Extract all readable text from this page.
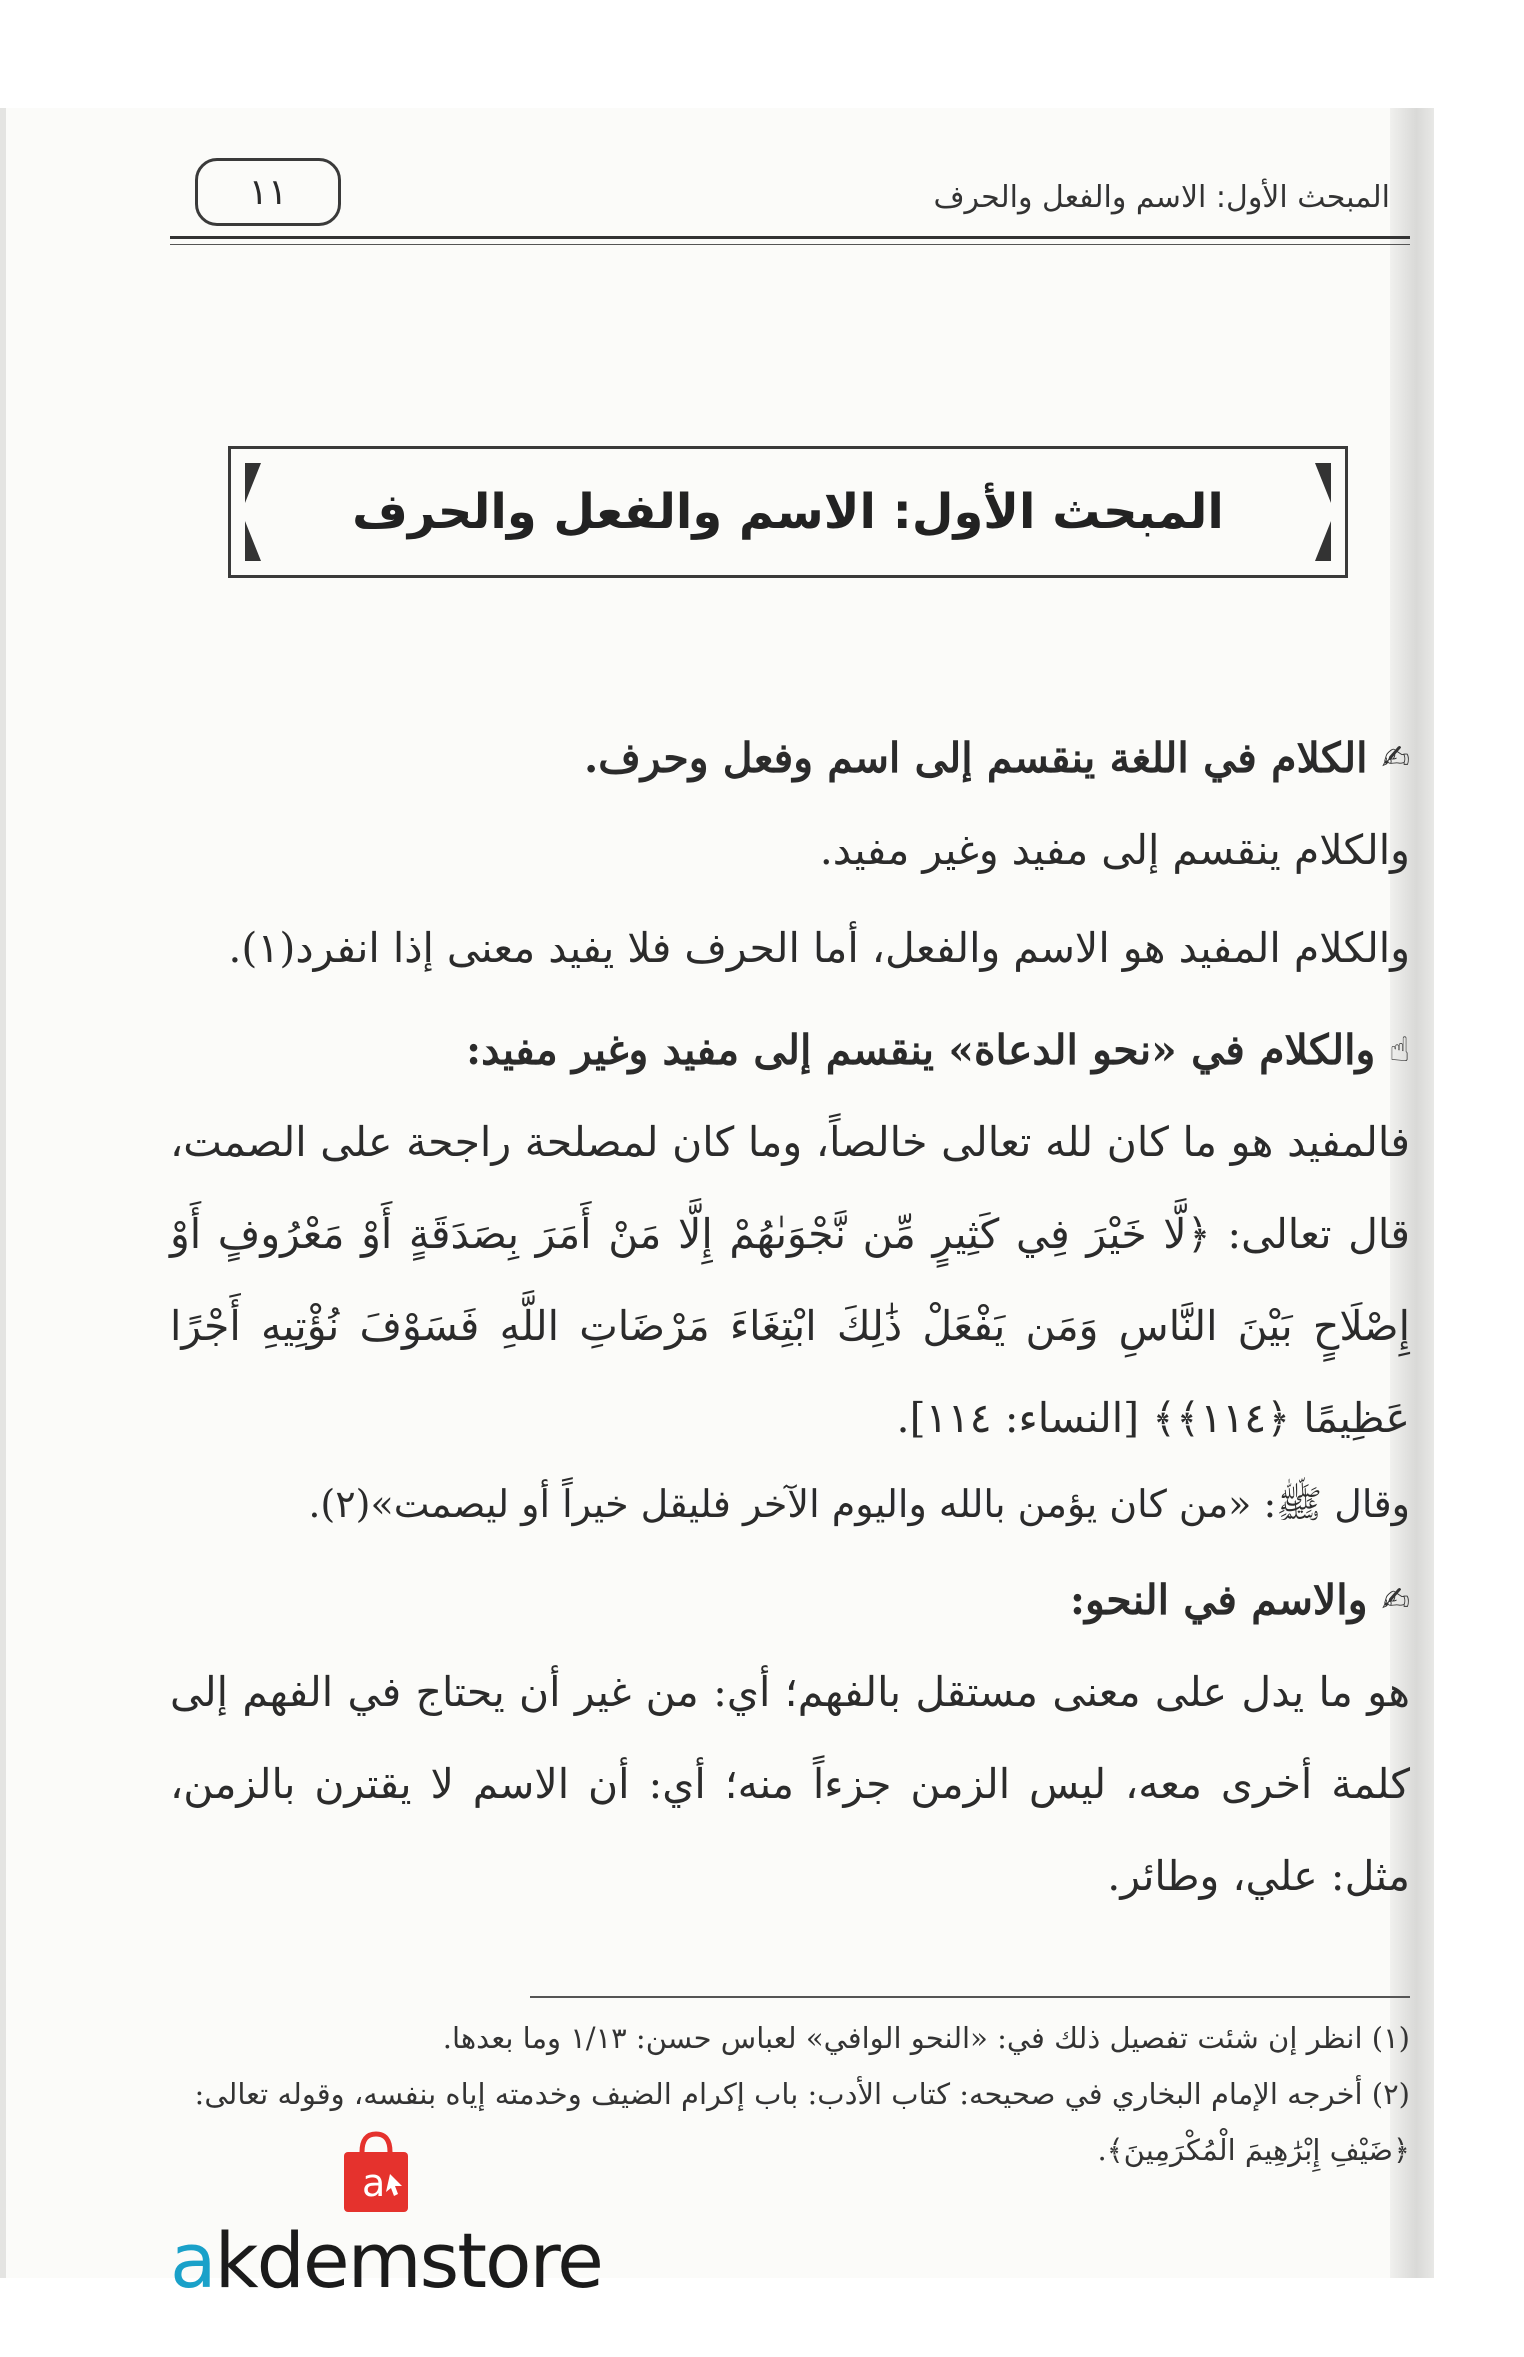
١١	المبحث الأول: الاسم والفعل والحرف
المبحث الأول: الاسم والفعل والحرف

✍
الكلام في اللغة ينقسم إلى اسم وفعل وحرف.

والكلام ينقسم إلى مفيد وغير مفيد.

والكلام المفيد هو الاسم والفعل، أما الحرف فلا يفيد معنى إذا انفرد(١).

☝
والكلام في «نحو الدعاة» ينقسم إلى مفيد وغير مفيد:

فالمفيد هو ما كان لله تعالى خالصاً، وما كان لمصلحة راجحة على الصمت، قال تعالى: ﴿لَّا خَيْرَ فِي كَثِيرٍ مِّن نَّجْوَىٰهُمْ إِلَّا مَنْ أَمَرَ بِصَدَقَةٍ أَوْ مَعْرُوفٍ أَوْ إِصْلَاحٍ بَيْنَ النَّاسِ وَمَن يَفْعَلْ ذَٰلِكَ ابْتِغَاءَ مَرْضَاتِ اللَّهِ فَسَوْفَ نُؤْتِيهِ أَجْرًا عَظِيمًا ﴿١١٤﴾﴾ [النساء: ١١٤].

وقال ﷺ: «من كان يؤمن بالله واليوم الآخر فليقل خيراً أو ليصمت»(٢).

✍
والاسم في النحو:

هو ما يدل على معنى مستقل بالفهم؛ أي: من غير أن يحتاج في الفهم إلى كلمة أخرى معه، ليس الزمن جزءاً منه؛ أي: أن الاسم لا يقترن بالزمن، مثل: علي، وطائر.

(١) انظر إن شئت تفصيل ذلك في: «النحو الوافي» لعباس حسن: ١/١٣ وما بعدها.

(٢) أخرجه الإمام البخاري في صحيحه: كتاب الأدب: باب إكرام الضيف وخدمته إياه بنفسه، وقوله تعالى: ﴿ضَيْفِ إِبْرَٰهِيمَ الْمُكْرَمِينَ﴾.

a
akdemstore
